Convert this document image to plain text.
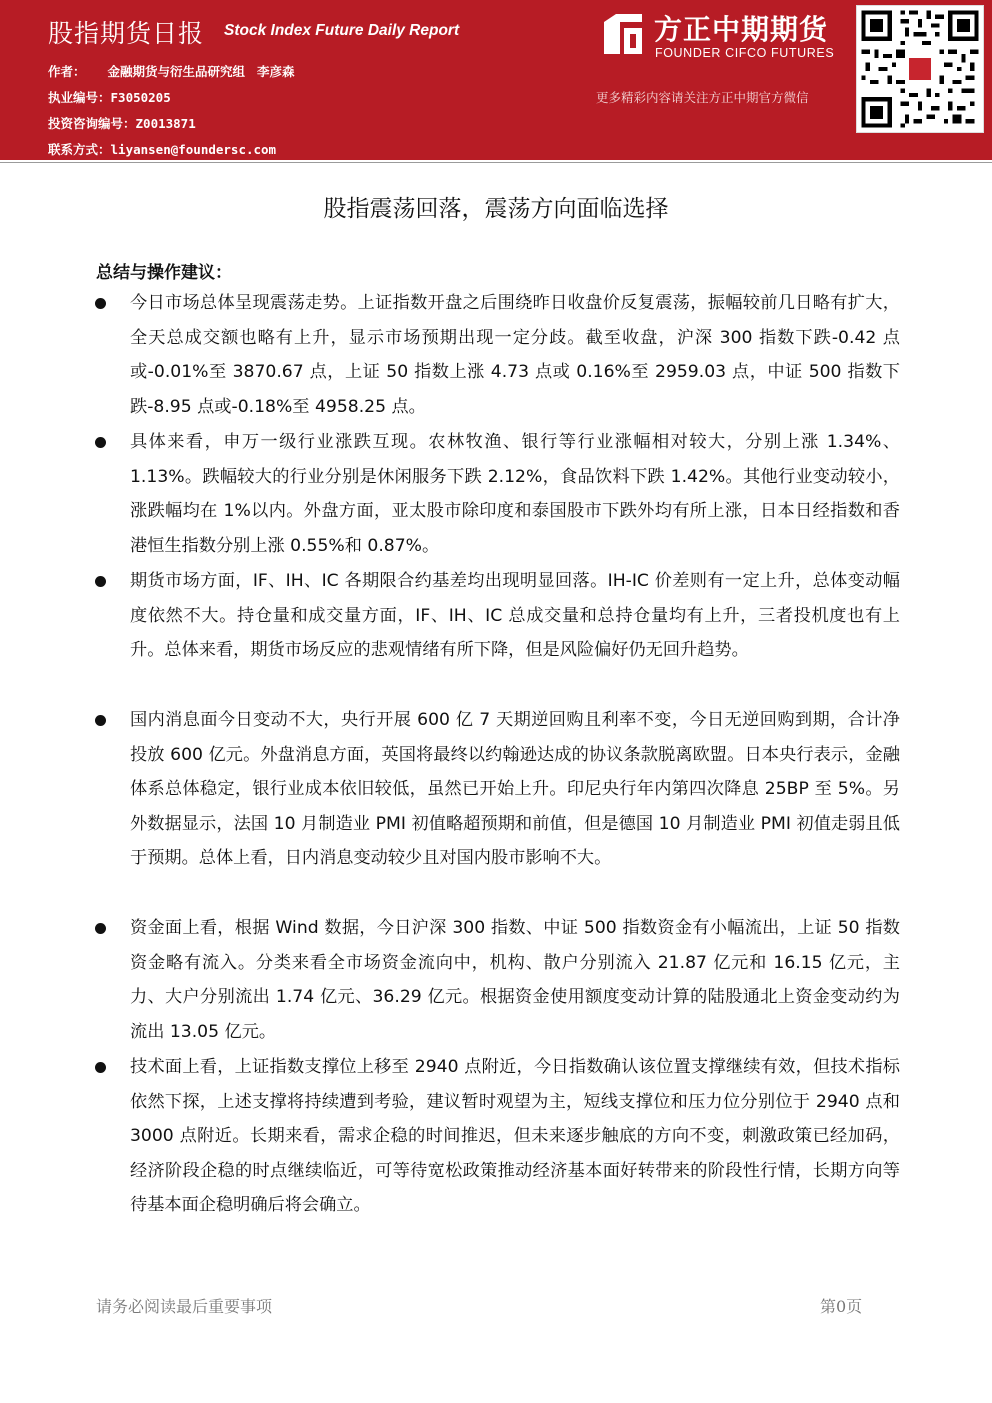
股指期货日报 Stock Index Future Daily Report
作者： 金融期货与衍生品研究组 李彦森
执业编号：F3050205
投资咨询编号：Z0013871
联系方式：liyansen@foundersc.com
方正中期期货
FOUNDER CIFCO FUTURES
更多精彩内容请关注方正中期官方微信
股指震荡回落，震荡方向面临选择
总结与操作建议：
今日市场总体呈现震荡走势。上证指数开盘之后围绕昨日收盘价反复震荡，振幅较前几日略有扩大，全天总成交额也略有上升，显示市场预期出现一定分歧。截至收盘，沪深 300 指数下跌-0.42 点或-0.01%至 3870.67 点，上证 50 指数上涨 4.73 点或 0.16%至 2959.03 点，中证 500 指数下跌-8.95 点或-0.18%至 4958.25 点。
具体来看，申万一级行业涨跌互现。农林牧渔、银行等行业涨幅相对较大，分别上涨 1.34%、1.13%。跌幅较大的行业分别是休闲服务下跌 2.12%，食品饮料下跌 1.42%。其他行业变动较小，涨跌幅均在 1%以内。外盘方面，亚太股市除印度和泰国股市下跌外均有所上涨，日本日经指数和香港恒生指数分别上涨 0.55%和 0.87%。
期货市场方面，IF、IH、IC 各期限合约基差均出现明显回落。IH-IC 价差则有一定上升，总体变动幅度依然不大。持仓量和成交量方面，IF、IH、IC 总成交量和总持仓量均有上升，三者投机度也有上升。总体来看，期货市场反应的悲观情绪有所下降，但是风险偏好仍无回升趋势。
国内消息面今日变动不大，央行开展 600 亿 7 天期逆回购且利率不变，今日无逆回购到期，合计净投放 600 亿元。外盘消息方面，英国将最终以约翰逊达成的协议条款脱离欧盟。日本央行表示，金融体系总体稳定，银行业成本依旧较低，虽然已开始上升。印尼央行年内第四次降息 25BP 至 5%。另外数据显示，法国 10 月制造业 PMI 初值略超预期和前值，但是德国 10 月制造业 PMI 初值走弱且低于预期。总体上看，日内消息变动较少且对国内股市影响不大。
资金面上看，根据 Wind 数据，今日沪深 300 指数、中证 500 指数资金有小幅流出，上证 50 指数资金略有流入。分类来看全市场资金流向中，机构、散户分别流入 21.87 亿元和 16.15 亿元，主力、大户分别流出 1.74 亿元、36.29 亿元。根据资金使用额度变动计算的陆股通北上资金变动约为流出 13.05 亿元。
技术面上看，上证指数支撑位上移至 2940 点附近，今日指数确认该位置支撑继续有效，但技术指标依然下探，上述支撑将持续遭到考验，建议暂时观望为主，短线支撑位和压力位分别位于 2940 点和 3000 点附近。长期来看，需求企稳的时间推迟，但未来逐步触底的方向不变，刺激政策已经加码，经济阶段企稳的时点继续临近，可等待宽松政策推动经济基本面好转带来的阶段性行情，长期方向等待基本面企稳明确后将会确立。
请务必阅读最后重要事项	第0页
